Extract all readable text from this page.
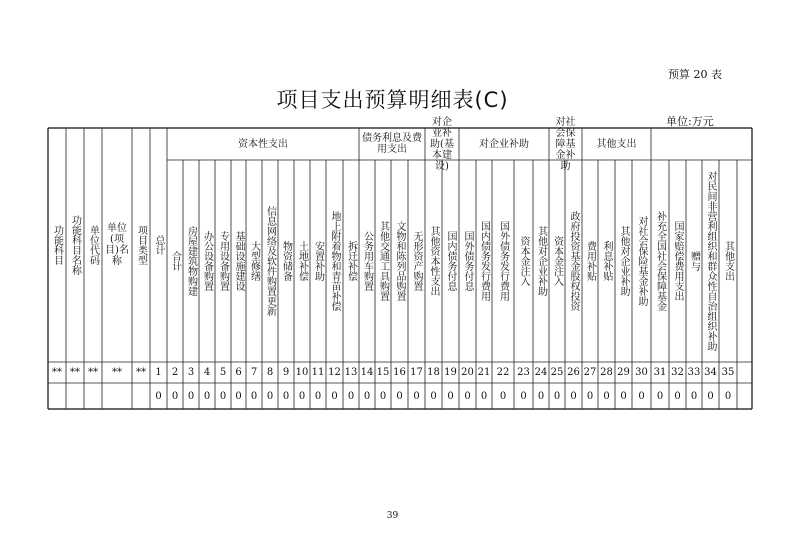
预算 20 表
项目支出预算明细表(C)
单位:万元
功能科目 功能科目名称 单位代码 单位(项目)名称	项目类型 总计
资本性支出	债务利息及费用支出
对企业补助(基本建设)
对企业补助
对社会保障基金补助
其他支出
合计 房屋建筑物购建 办公设备购置 专用设备购置 基础设施建设 大型修缮 信息网络及软件购置更新 物资储备 土地补偿 安置补助 地上附着物和青苗补偿 拆迁补偿 公务用车购置 其他交通工具购置 文物和陈列品购置 无形资产购置 其他资本性支出 国内债务付息 国外债务付息 国内债务发行费用 国外债务发行费用 资本金注入 其他对企业补助 资本金注入 政府投资基金股权投资 费用补贴 利息补贴 其他对企业补助 对社会保险基金补助 补充全国社会保障基金 国家赔偿费用支出 赠与 对民间非营利组织和群众性自治组织补助 其他支出
** ** ** ** ** 1 2 3 4 5 6 7 8 9 10 11 12 13 14 15 16 17 18 19 20 21 22 23 24 25 26 27 28 29 30 31 32 33 34 35
0 0 0 0 0 0 0 0 0 0 0 0 0 0 0 0 0 0 0 0 0 0 0 0 0 0 0 0 0 0 0 0 0 0 0
39
